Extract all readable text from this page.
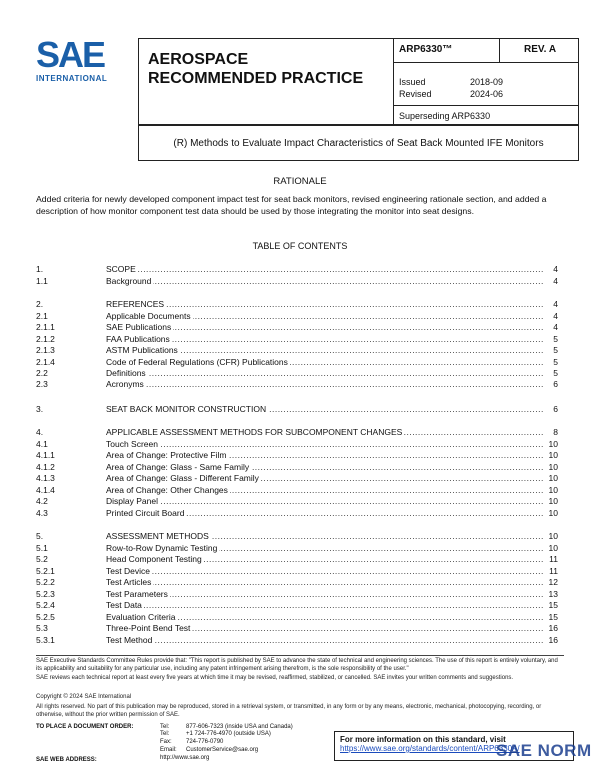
SAE
INTERNATIONAL
AEROSPACE
RECOMMENDED PRACTICE
ARP6330™	REV. A
Issued	2018-09
Revised	2024-06
Superseding ARP6330
(R) Methods to Evaluate Impact Characteristics of Seat Back Mounted IFE Monitors
RATIONALE
Added criteria for newly developed component impact test for seat back monitors, revised engineering rationale section, and added a description of how monitor component test data should be used by those integrating the monitor into seat designs.
TABLE OF CONTENTS
1.	SCOPE .....	4
1.1	Background .....	4
2.	REFERENCES .....	4
2.1	Applicable Documents .....	4
2.1.1	SAE Publications .....	4
2.1.2	FAA Publications .....	5
2.1.3	ASTM Publications .....	5
2.1.4	Code of Federal Regulations (CFR) Publications .....	5
2.2	Definitions .....	5
2.3	Acronyms .....	6
3.	SEAT BACK MONITOR CONSTRUCTION .....	6
4.	APPLICABLE ASSESSMENT METHODS FOR SUBCOMPONENT CHANGES .....	8
4.1	Touch Screen .....	10
4.1.1	Area of Change: Protective Film .....	10
4.1.2	Area of Change: Glass - Same Family .....	10
4.1.3	Area of Change: Glass - Different Family .....	10
4.1.4	Area of Change: Other Changes .....	10
4.2	Display Panel .....	10
4.3	Printed Circuit Board .....	10
5.	ASSESSMENT METHODS .....	10
5.1	Row-to-Row Dynamic Testing .....	10
5.2	Head Component Testing .....	11
5.2.1	Test Device .....	11
5.2.2	Test Articles .....	12
5.2.3	Test Parameters .....	13
5.2.4	Test Data .....	15
5.2.5	Evaluation Criteria .....	15
5.3	Three-Point Bend Test .....	16
5.3.1	Test Method .....	16
SAE Executive Standards Committee Rules provide that: "This report is published by SAE to advance the state of technical and engineering sciences. The use of this report is entirely voluntary, and its applicability and suitability for any particular use, including any patent infringement arising therefrom, is the sole responsibility of the user."
SAE reviews each technical report at least every five years at which time it may be revised, reaffirmed, stabilized, or cancelled. SAE invites your written comments and suggestions.
Copyright © 2024 SAE International
All rights reserved. No part of this publication may be reproduced, stored in a retrieval system, or transmitted, in any form or by any means, electronic, mechanical, photocopying, recording, or otherwise, without the prior written permission of SAE.
TO PLACE A DOCUMENT ORDER:	Tel:	877-606-7323 (inside USA and Canada)
Tel:	+1 724-776-4970 (outside USA)
Fax: 724-776-0790
Email: CustomerService@sae.org
SAE WEB ADDRESS:	http://www.sae.org
For more information on this standard, visit
https://www.sae.org/standards/content/ARP6330A/
SAE NORM
